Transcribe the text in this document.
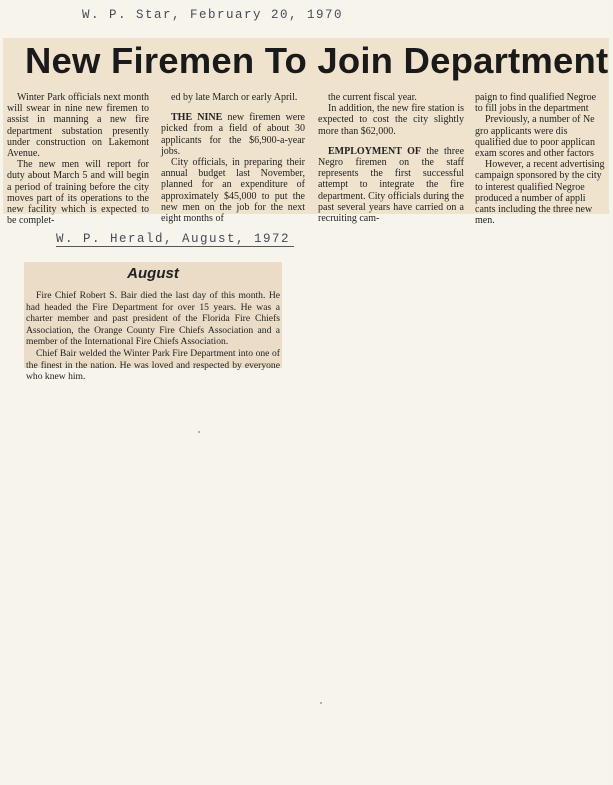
W. P. Star, February 20, 1970
New Firemen To Join Department

Winter Park officials next month will swear in nine new firemen to assist in manning a new fire department substation presently under construction on Lakemont Avenue.

The new men will report for duty about March 5 and will begin a period of training before the city moves part of its operations to the new facility which is expected to be complet-

ed by late March or early April.

THE NINE new firemen were picked from a field of about 30 applicants for the $6,900-a-year jobs.

City officials, in preparing their annual budget last November, planned for an expenditure of approximately $45,000 to put the new men on the job for the next eight months of

the current fiscal year.

In addition, the new fire station is expected to cost the city slightly more than $62,000.

EMPLOYMENT OF the three Negro firemen on the staff represents the first successful attempt to integrate the fire department. City officials during the past several years have carried on a recruiting cam-

paign to find qualified Negroe
to fill jobs in the department
Previously, a number of Ne
gro applicants were dis
qualified due to poor applican
exam scores and other factors
However, a recent advertising
campaign sponsored by the city
to interest qualified Negroe
produced a number of appli
cants including the three new
men.
W. P. Herald, August, 1972
August

Fire Chief Robert S. Bair died the last day of this month. He had headed the Fire Department for over 15 years. He was a charter member and past president of the Florida Fire Chiefs Association, the Orange County Fire Chiefs Association and a member of the International Fire Chiefs Association.

Chief Bair welded the Winter Park Fire Department into one of the finest in the nation. He was loved and respected by everyone who knew him.
